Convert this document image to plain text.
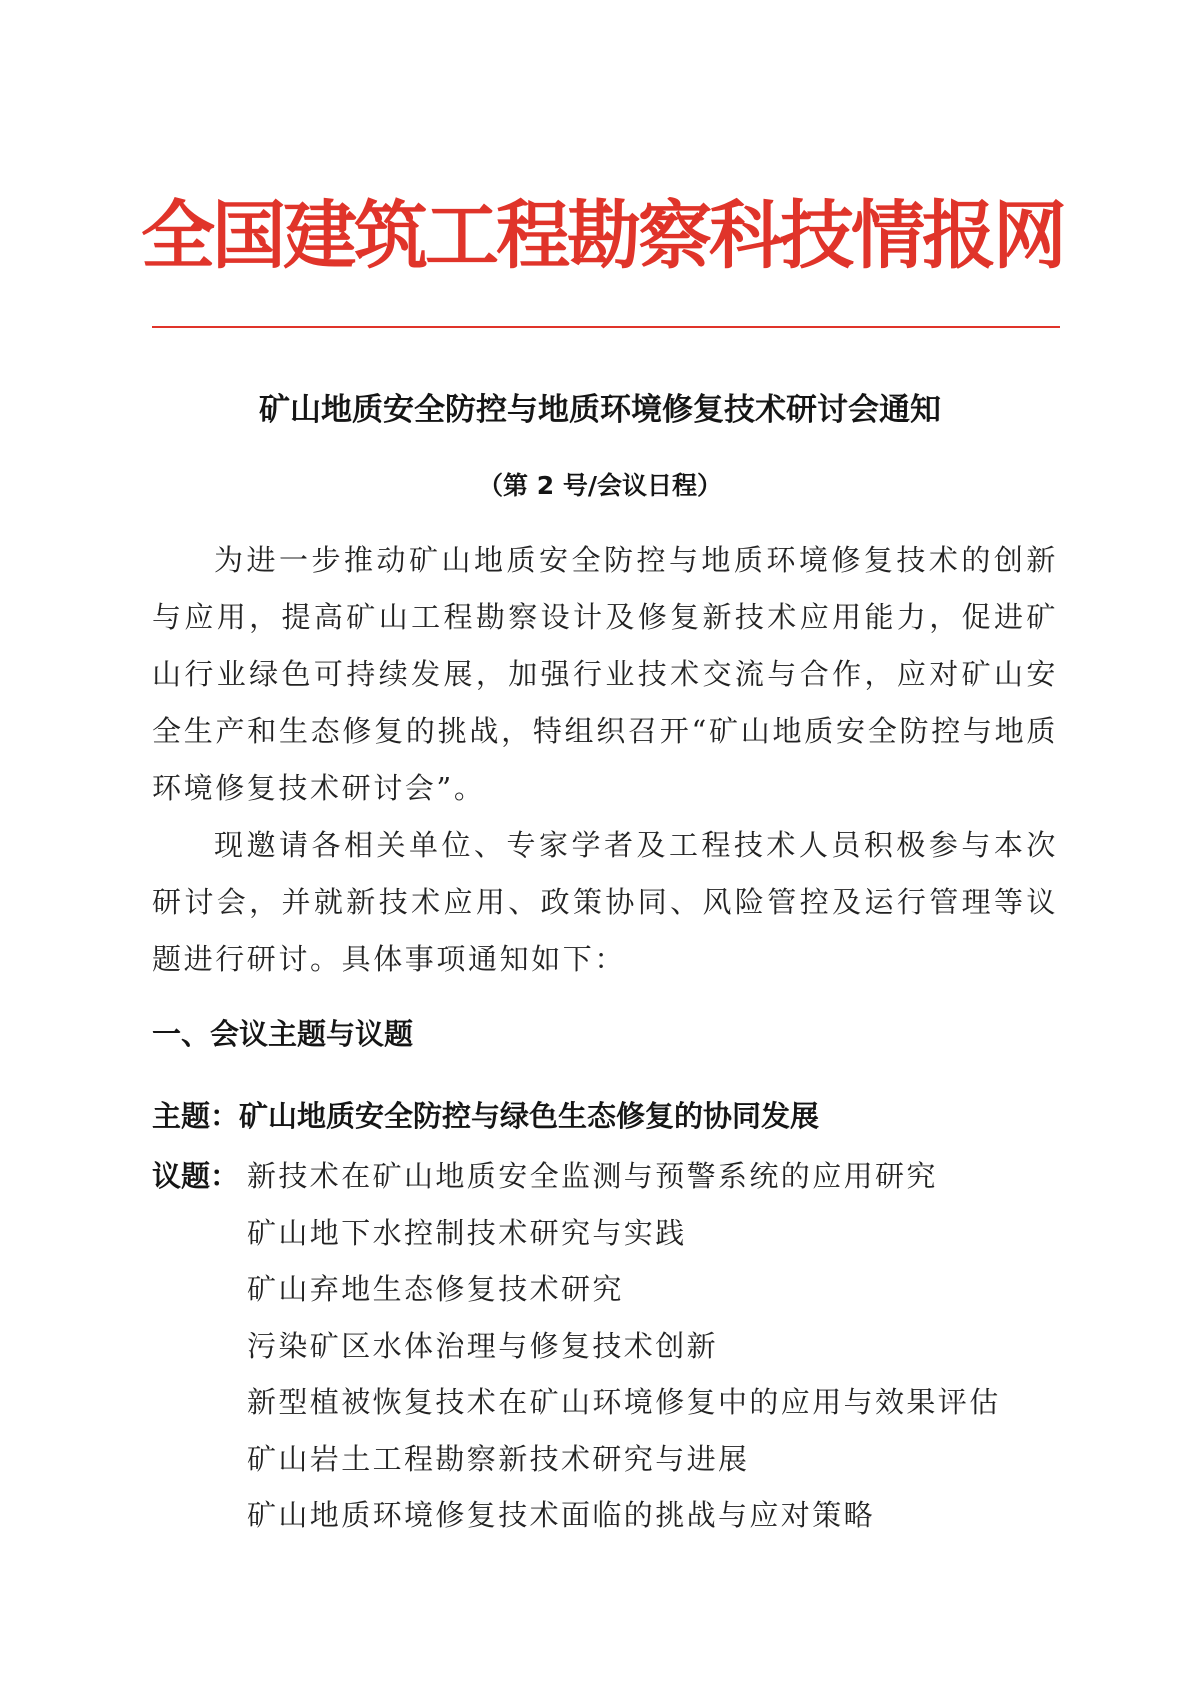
全国建筑工程勘察科技情报网
矿山地质安全防控与地质环境修复技术研讨会通知
（第 2 号/会议日程）

为进一步推动矿山地质安全防控与地质环境修复技术的创新与应用，提高矿山工程勘察设计及修复新技术应用能力，促进矿山行业绿色可持续发展，加强行业技术交流与合作，应对矿山安全生产和生态修复的挑战，特组织召开“矿山地质安全防控与地质环境修复技术研讨会”。

现邀请各相关单位、专家学者及工程技术人员积极参与本次研讨会，并就新技术应用、政策协同、风险管控及运行管理等议题进行研讨。具体事项通知如下：

一、会议主题与议题
主题：矿山地质安全防控与绿色生态修复的协同发展
议题： 新技术在矿山地质安全监测与预警系统的应用研究
矿山地下水控制技术研究与实践
矿山弃地生态修复技术研究
污染矿区水体治理与修复技术创新
新型植被恢复技术在矿山环境修复中的应用与效果评估
矿山岩土工程勘察新技术研究与进展
矿山地质环境修复技术面临的挑战与应对策略
